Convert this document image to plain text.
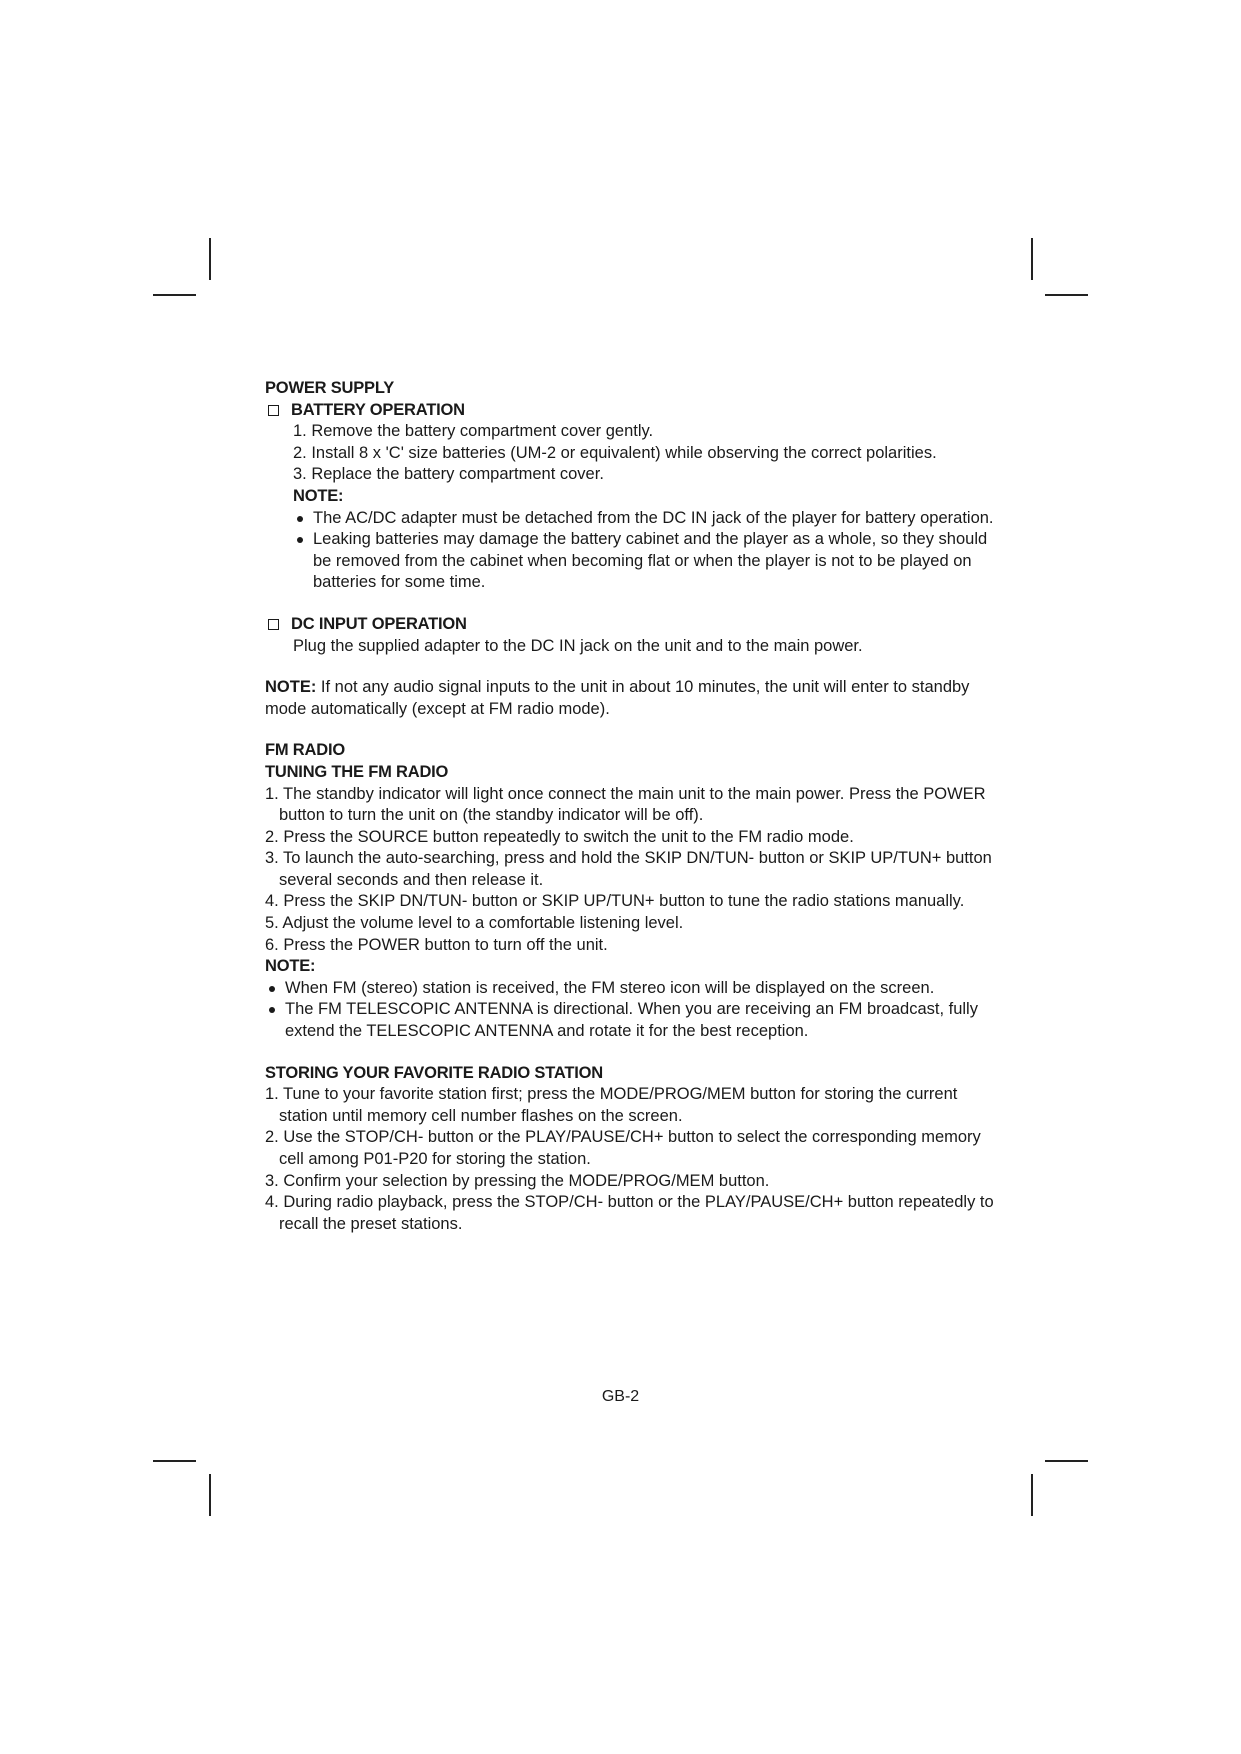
POWER SUPPLY
BATTERY OPERATION
1. Remove the battery compartment cover gently.
2. Install 8 x 'C' size batteries (UM-2 or equivalent) while observing the correct polarities.
3. Replace the battery compartment cover.
NOTE:
The AC/DC adapter must be detached from the DC IN jack of the player for battery operation.
Leaking batteries may damage the battery cabinet and the player as a whole, so they should be removed from the cabinet when becoming flat or when the player is not to be played on batteries for some time.
DC INPUT OPERATION
Plug the supplied adapter to the DC IN jack on the unit and to the main power.
NOTE: If not any audio signal inputs to the unit in about 10 minutes, the unit will enter to standby mode automatically (except at FM radio mode).
FM RADIO
TUNING THE FM RADIO
1. The standby indicator will light once connect the main unit to the main power. Press the POWER button to turn the unit on (the standby indicator will be off).
2. Press the SOURCE button repeatedly to switch the unit to the FM radio mode.
3. To launch the auto-searching, press and hold the SKIP DN/TUN- button or SKIP UP/TUN+ button several seconds and then release it.
4. Press the SKIP DN/TUN- button or SKIP UP/TUN+ button to tune the radio stations manually.
5. Adjust the volume level to a comfortable listening level.
6. Press the POWER button to turn off the unit.
NOTE:
When FM (stereo) station is received, the FM stereo icon will be displayed on the screen.
The FM TELESCOPIC ANTENNA is directional. When you are receiving an FM broadcast, fully extend the TELESCOPIC ANTENNA and rotate it for the best reception.
STORING YOUR FAVORITE RADIO STATION
1. Tune to your favorite station first; press the MODE/PROG/MEM button for storing the current station until memory cell number flashes on the screen.
2. Use the STOP/CH- button or the PLAY/PAUSE/CH+ button to select the corresponding memory cell among P01-P20 for storing the station.
3. Confirm your selection by pressing the MODE/PROG/MEM button.
4. During radio playback, press the STOP/CH- button or the PLAY/PAUSE/CH+ button repeatedly to recall the preset stations.
GB-2
